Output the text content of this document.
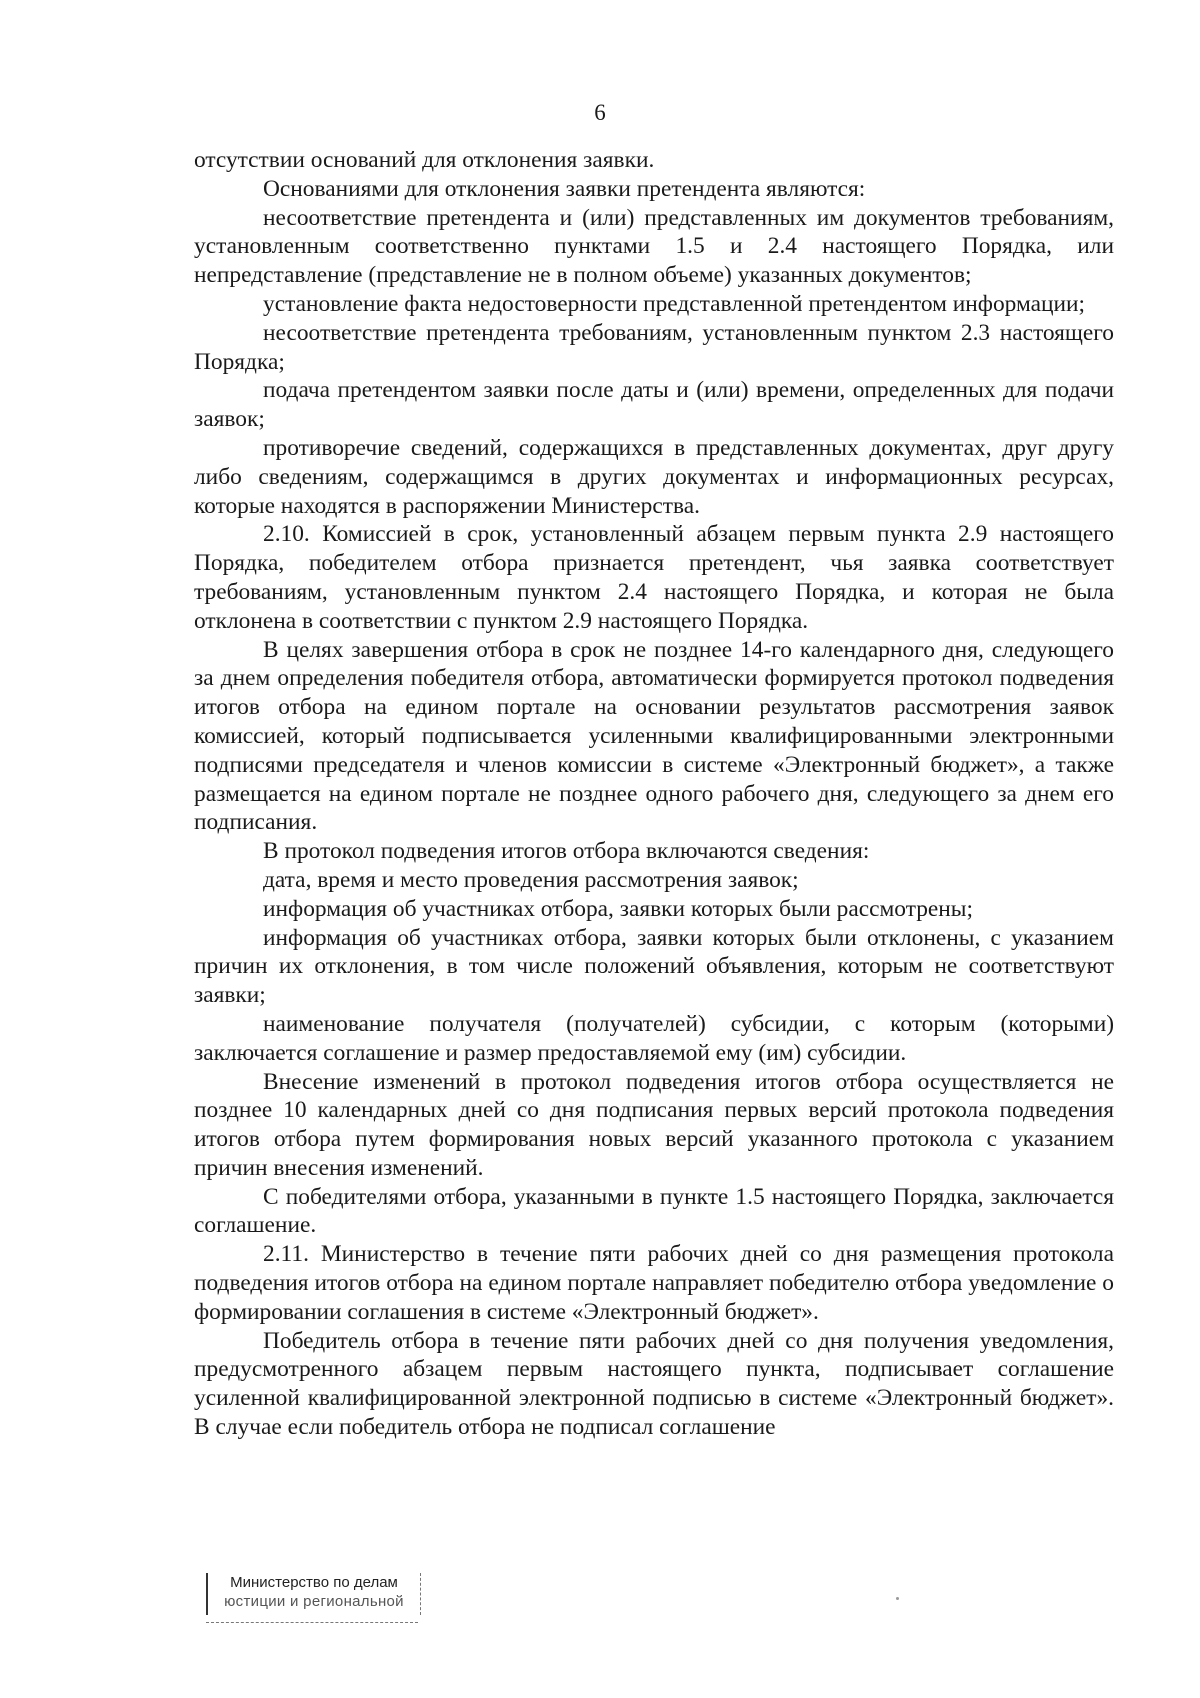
6

отсутствии оснований для отклонения заявки.

Основаниями для отклонения заявки претендента являются:

несоответствие претендента и (или) представленных им документов требованиям, установленным соответственно пунктами 1.5 и 2.4 настоящего Порядка, или непредставление (представление не в полном объеме) указанных документов;

установление факта недостоверности представленной претендентом информации;

несоответствие претендента требованиям, установленным пунктом 2.3 настоящего Порядка;

подача претендентом заявки после даты и (или) времени, определенных для подачи заявок;

противоречие сведений, содержащихся в представленных документах, друг другу либо сведениям, содержащимся в других документах и информационных ресурсах, которые находятся в распоряжении Министерства.

2.10. Комиссией в срок, установленный абзацем первым пункта 2.9 настоящего Порядка, победителем отбора признается претендент, чья заявка соответствует требованиям, установленным пунктом 2.4 настоящего Порядка, и которая не была отклонена в соответствии с пунктом 2.9 настоящего Порядка.

В целях завершения отбора в срок не позднее 14-го календарного дня, следующего за днем определения победителя отбора, автоматически формируется протокол подведения итогов отбора на едином портале на основании результатов рассмотрения заявок комиссией, который подписывается усиленными квалифицированными электронными подписями председателя и членов комиссии в системе «Электронный бюджет», а также размещается на едином портале не позднее одного рабочего дня, следующего за днем его подписания.

В протокол подведения итогов отбора включаются сведения:

дата, время и место проведения рассмотрения заявок;

информация об участниках отбора, заявки которых были рассмотрены;

информация об участниках отбора, заявки которых были отклонены, с указанием причин их отклонения, в том числе положений объявления, которым не соответствуют заявки;

наименование получателя (получателей) субсидии, с которым (которыми) заключается соглашение и размер предоставляемой ему (им) субсидии.

Внесение изменений в протокол подведения итогов отбора осуществляется не позднее 10 календарных дней со дня подписания первых версий протокола подведения итогов отбора путем формирования новых версий указанного протокола с указанием причин внесения изменений.

С победителями отбора, указанными в пункте 1.5 настоящего Порядка, заключается соглашение.

2.11. Министерство в течение пяти рабочих дней со дня размещения протокола подведения итогов отбора на едином портале направляет победителю отбора уведомление о формировании соглашения в системе «Электронный бюджет».

Победитель отбора в течение пяти рабочих дней со дня получения уведомления, предусмотренного абзацем первым настоящего пункта, подписывает соглашение усиленной квалифицированной электронной подписью в системе «Электронный бюджет». В случае если победитель отбора не подписал соглашение

Министерство по делам
юстиции и региональной
